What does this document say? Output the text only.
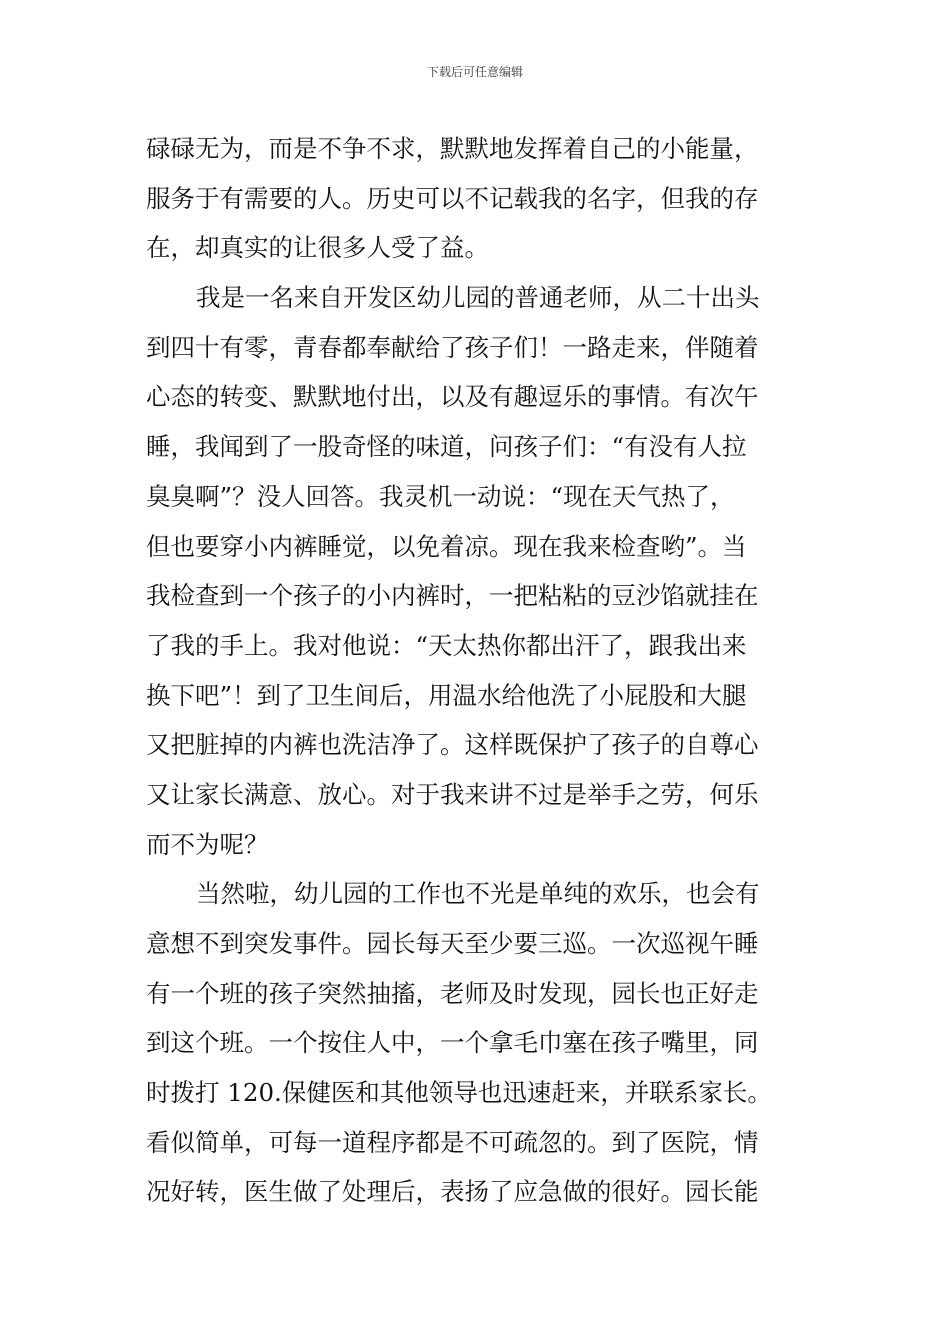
下载后可任意编辑
碌碌无为，而是不争不求，默默地发挥着自己的小能量，
服务于有需要的人。历史可以不记载我的名字，但我的存
在，却真实的让很多人受了益。
我是一名来自开发区幼儿园的普通老师，从二十出头
到四十有零，青春都奉献给了孩子们！一路走来，伴随着
心态的转变、默默地付出，以及有趣逗乐的事情。有次午
睡，我闻到了一股奇怪的味道，问孩子们：“有没有人拉
臭臭啊”？没人回答。我灵机一动说：“现在天气热了，
但也要穿小内裤睡觉，以免着凉。现在我来检查哟”。当
我检查到一个孩子的小内裤时，一把粘粘的豆沙馅就挂在
了我的手上。我对他说：“天太热你都出汗了，跟我出来
换下吧”！到了卫生间后，用温水给他洗了小屁股和大腿
又把脏掉的内裤也洗洁净了。这样既保护了孩子的自尊心
又让家长满意、放心。对于我来讲不过是举手之劳，何乐
而不为呢？
当然啦，幼儿园的工作也不光是单纯的欢乐，也会有
意想不到突发事件。园长每天至少要三巡。一次巡视午睡
有一个班的孩子突然抽搐，老师及时发现，园长也正好走
到这个班。一个按住人中，一个拿毛巾塞在孩子嘴里，同
时拨打 120.保健医和其他领导也迅速赶来，并联系家长。
看似简单，可每一道程序都是不可疏忽的。到了医院，情
况好转，医生做了处理后，表扬了应急做的很好。园长能
